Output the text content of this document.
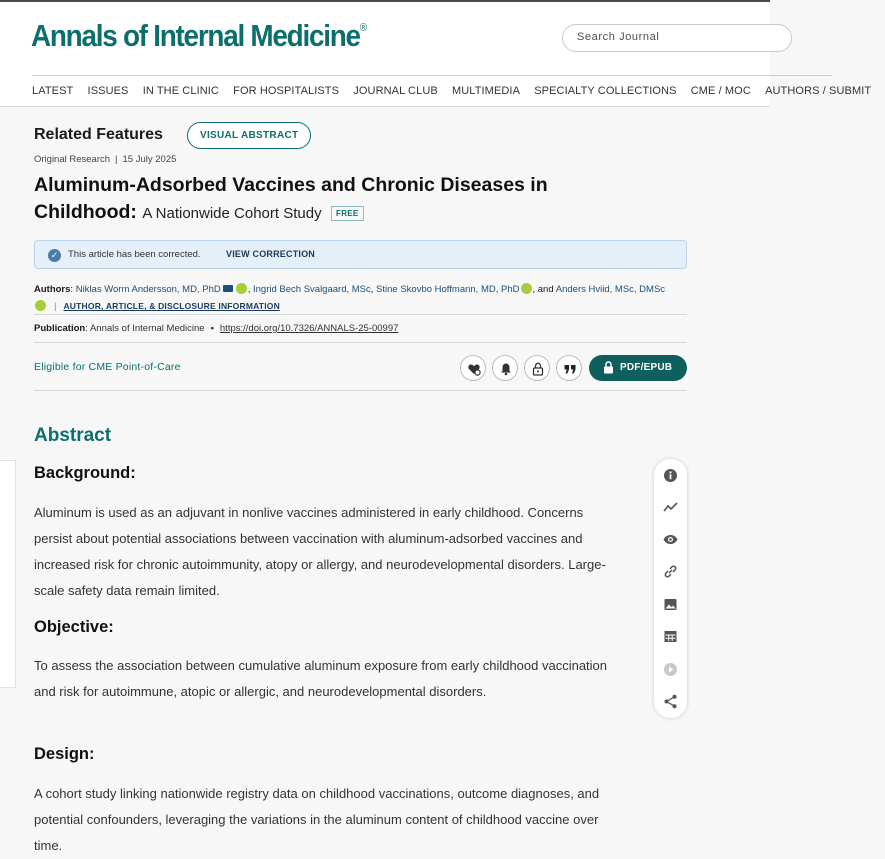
Annals of Internal Medicine®
Search Journal
LATEST ISSUES IN THE CLINIC FOR HOSPITALISTS JOURNAL CLUB MULTIMEDIA SPECIALTY COLLECTIONS CME / MOC AUTHORS / SUBMIT
Related Features	VISUAL ABSTRACT
Original Research | 15 July 2025
Aluminum-Adsorbed Vaccines and Chronic Diseases in Childhood: A Nationwide Cohort Study FREE
✓ This article has been corrected.	VIEW CORRECTION
Authors: Niklas Worm Andersson, MD, PhD	, Ingrid Bech Svalgaard, MSc, Stine Skovbo Hoffmann, MD, PhD , and Anders Hviid, MSc, DMSc | AUTHOR, ARTICLE, & DISCLOSURE INFORMATION
Publication: Annals of Internal Medicine • https://doi.org/10.7326/ANNALS-25-00997
Eligible for CME Point-of-Care	PDF/EPUB
Abstract
Background:

Aluminum is used as an adjuvant in nonlive vaccines administered in early childhood. Concerns persist about potential associations between vaccination with aluminum-adsorbed vaccines and increased risk for chronic autoimmunity, atopy or allergy, and neurodevelopmental disorders. Large-scale safety data remain limited.

Objective:

To assess the association between cumulative aluminum exposure from early childhood vaccination and risk for autoimmune, atopic or allergic, and neurodevelopmental disorders.

Design:

A cohort study linking nationwide registry data on childhood vaccinations, outcome diagnoses, and potential confounders, leveraging the variations in the aluminum content of childhood vaccine over time.
